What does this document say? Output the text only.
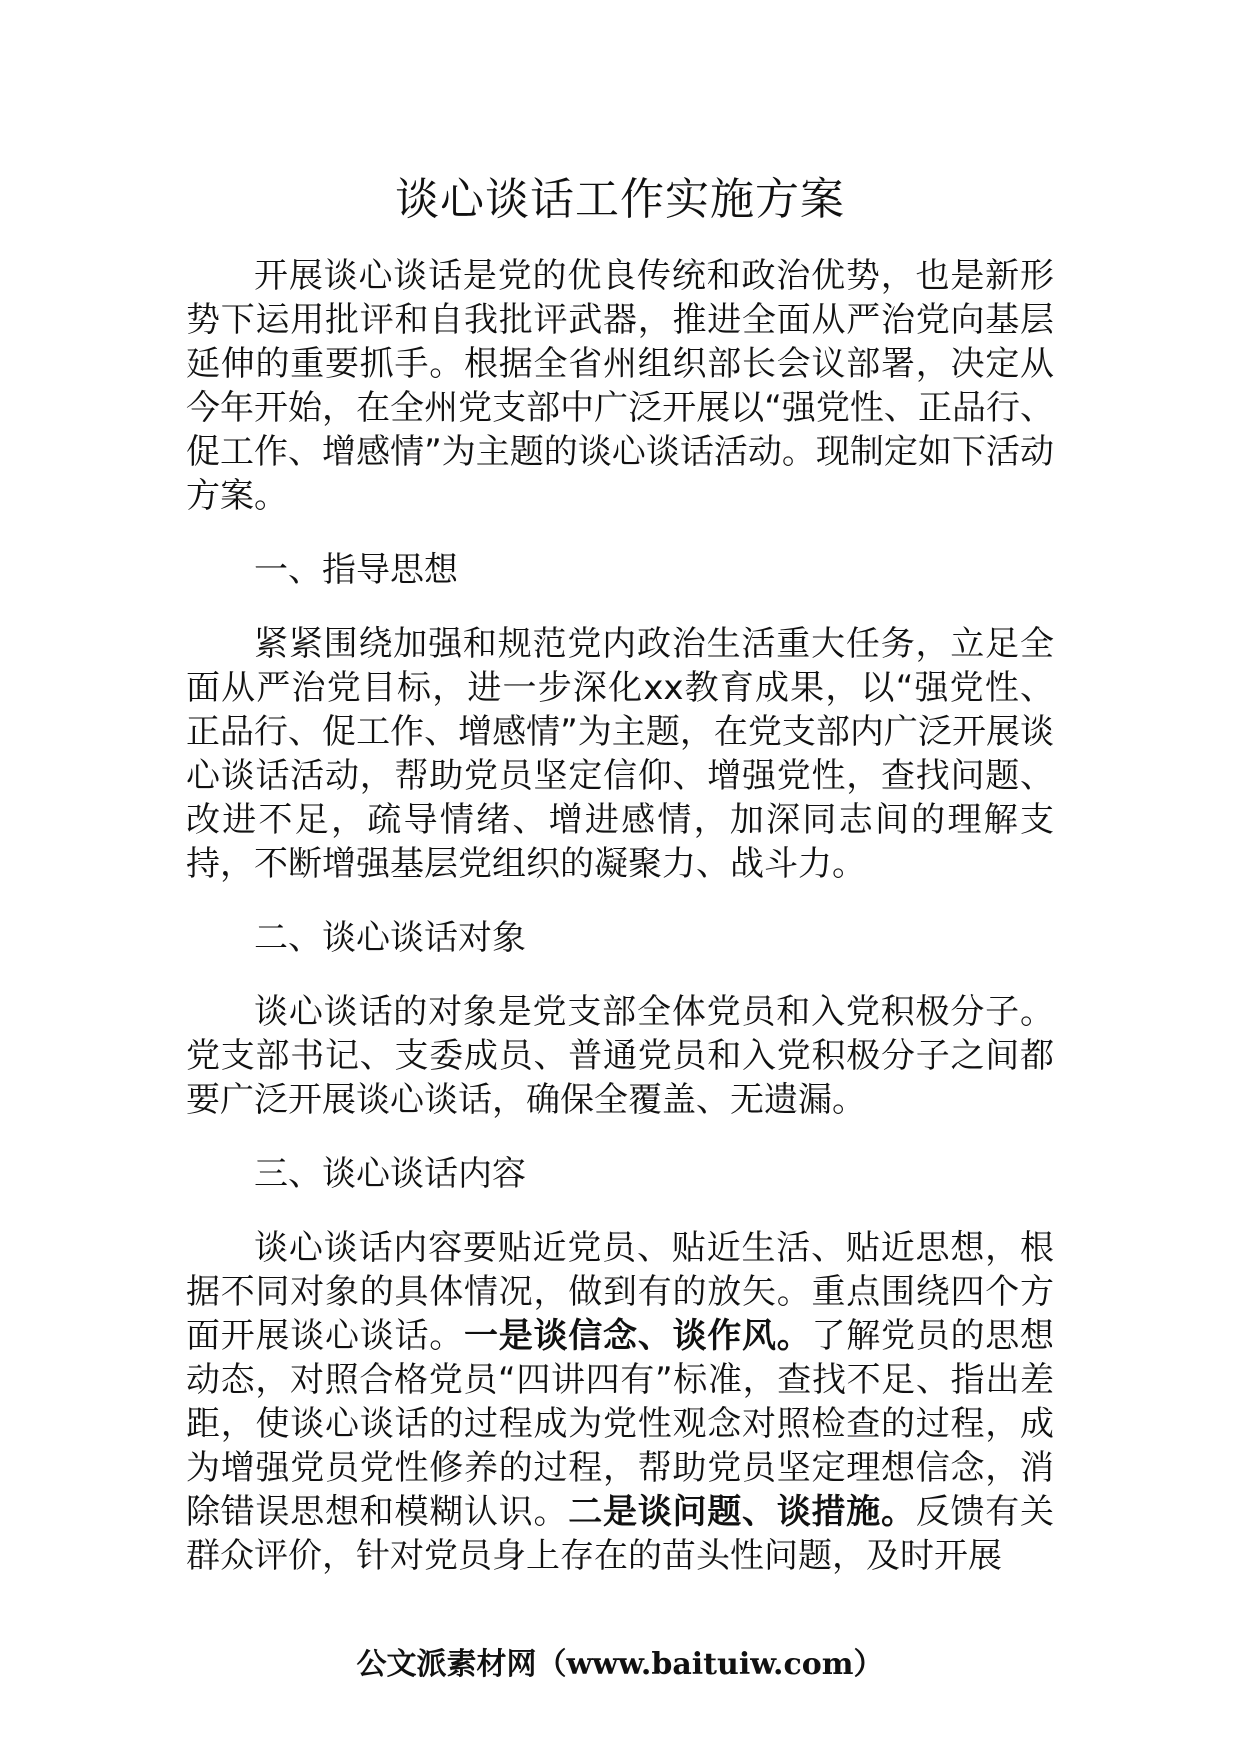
谈心谈话工作实施方案

开展谈心谈话是党的优良传统和政治优势，也是新形势下运用批评和自我批评武器，推进全面从严治党向基层延伸的重要抓手。根据全省州组织部长会议部署，决定从今年开始，在全州党支部中广泛开展以“强党性、正品行、促工作、增感情”为主题的谈心谈话活动。现制定如下活动方案。

一、指导思想

紧紧围绕加强和规范党内政治生活重大任务，立足全面从严治党目标，进一步深化xx教育成果，以“强党性、正品行、促工作、增感情”为主题，在党支部内广泛开展谈心谈话活动，帮助党员坚定信仰、增强党性，查找问题、改进不足，疏导情绪、增进感情，加深同志间的理解支持，不断增强基层党组织的凝聚力、战斗力。

二、谈心谈话对象

谈心谈话的对象是党支部全体党员和入党积极分子。党支部书记、支委成员、普通党员和入党积极分子之间都要广泛开展谈心谈话，确保全覆盖、无遗漏。

三、谈心谈话内容

谈心谈话内容要贴近党员、贴近生活、贴近思想，根据不同对象的具体情况，做到有的放矢。重点围绕四个方面开展谈心谈话。一是谈信念、谈作风。了解党员的思想动态，对照合格党员“四讲四有”标准，查找不足、指出差距，使谈心谈话的过程成为党性观念对照检查的过程，成为增强党员党性修养的过程，帮助党员坚定理想信念，消除错误思想和模糊认识。二是谈问题、谈措施。反馈有关群众评价，针对党员身上存在的苗头性问题，及时开展

公文派素材网（www.baituiw.com）
